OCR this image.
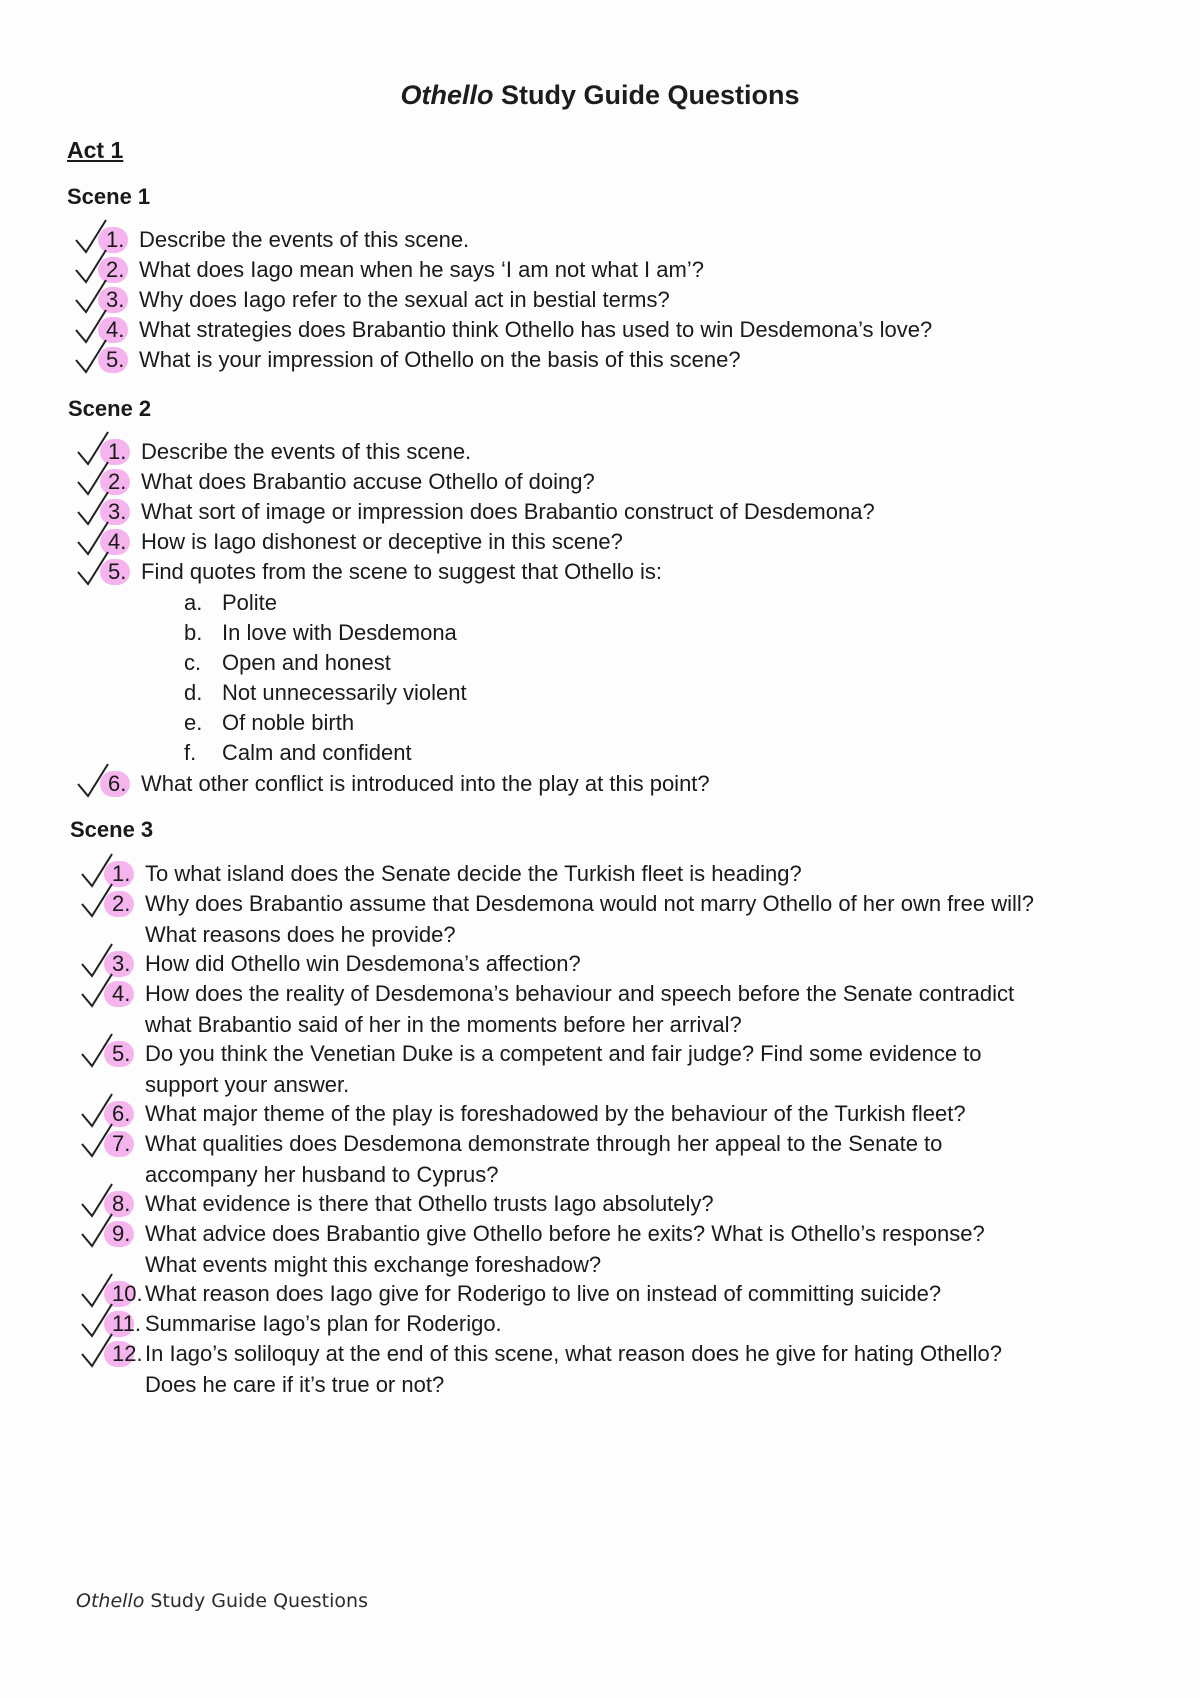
Othello Study Guide Questions
Act 1
Scene 1
1. Describe the events of this scene.
2. What does Iago mean when he says ‘I am not what I am’?
3. Why does Iago refer to the sexual act in bestial terms?
4. What strategies does Brabantio think Othello has used to win Desdemona’s love?
5. What is your impression of Othello on the basis of this scene?
Scene 2
1. Describe the events of this scene.
2. What does Brabantio accuse Othello of doing?
3. What sort of image or impression does Brabantio construct of Desdemona?
4. How is Iago dishonest or deceptive in this scene?
5. Find quotes from the scene to suggest that Othello is:
a. Polite
b. In love with Desdemona
c. Open and honest
d. Not unnecessarily violent
e. Of noble birth
f.	Calm and confident
6. What other conflict is introduced into the play at this point?
Scene 3
1. To what island does the Senate decide the Turkish fleet is heading?
2. Why does Brabantio assume that Desdemona would not marry Othello of her own free will?
What reasons does he provide?
3. How did Othello win Desdemona’s affection?
4. How does the reality of Desdemona’s behaviour and speech before the Senate contradict
what Brabantio said of her in the moments before her arrival?
5. Do you think the Venetian Duke is a competent and fair judge? Find some evidence to
support your answer.
6. What major theme of the play is foreshadowed by the behaviour of the Turkish fleet?
7. What qualities does Desdemona demonstrate through her appeal to the Senate to
accompany her husband to Cyprus?
8. What evidence is there that Othello trusts Iago absolutely?
9. What advice does Brabantio give Othello before he exits? What is Othello’s response?
What events might this exchange foreshadow?
10. What reason does Iago give for Roderigo to live on instead of committing suicide?
11. Summarise Iago’s plan for Roderigo.
12. In Iago’s soliloquy at the end of this scene, what reason does he give for hating Othello?
Does he care if it’s true or not?
Othello Study Guide Questions
